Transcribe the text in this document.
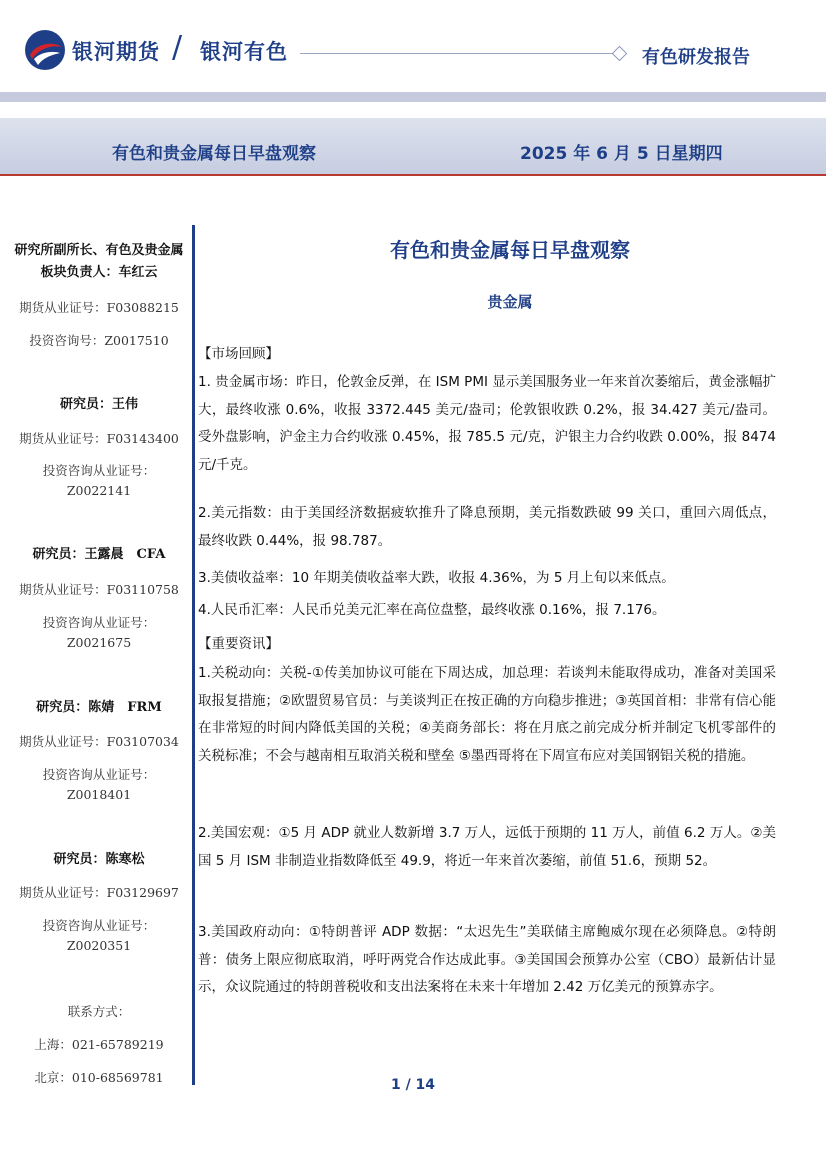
银河期货 / 银河有色	有色研发报告
有色和贵金属每日早盘观察	2025 年 6 月 5 日星期四
研究所副所长、有色及贵金属板块负责人：车红云
期货从业证号：F03088215
投资咨询号：Z0017510
研究员：王伟
期货从业证号：F03143400
投资咨询从业证号：
Z0022141
研究员：王露晨　CFA
期货从业证号：F03110758
投资咨询从业证号：
Z0021675
研究员：陈婧　FRM
期货从业证号：F03107034
投资咨询从业证号：
Z0018401
研究员：陈寒松
期货从业证号：F03129697
投资咨询从业证号：
Z0020351
联系方式：
上海：021-65789219
北京：010-68569781
有色和贵金属每日早盘观察
贵金属
【市场回顾】
1. 贵金属市场：昨日，伦敦金反弹，在 ISM PMI 显示美国服务业一年来首次萎缩后，黄金涨幅扩大，最终收涨 0.6%，收报 3372.445 美元/盎司；伦敦银收跌 0.2%，报 34.427 美元/盎司。受外盘影响，沪金主力合约收涨 0.45%，报 785.5 元/克，沪银主力合约收跌 0.00%，报 8474 元/千克。
2.美元指数：由于美国经济数据疲软推升了降息预期，美元指数跌破 99 关口，重回六周低点，最终收跌 0.44%，报 98.787。
3.美债收益率：10 年期美债收益率大跌，收报 4.36%，为 5 月上旬以来低点。
4.人民币汇率：人民币兑美元汇率在高位盘整，最终收涨 0.16%，报 7.176。
【重要资讯】
1.关税动向：关税-①传美加协议可能在下周达成，加总理：若谈判未能取得成功，准备对美国采取报复措施；②欧盟贸易官员：与美谈判正在按正确的方向稳步推进；③英国首相：非常有信心能在非常短的时间内降低美国的关税；④美商务部长：将在月底之前完成分析并制定飞机零部件的关税标准；不会与越南相互取消关税和壁垒 ⑤墨西哥将在下周宣布应对美国钢铝关税的措施。
2.美国宏观：①5 月 ADP 就业人数新增 3.7 万人，远低于预期的 11 万人，前值 6.2 万人。②美国 5 月 ISM 非制造业指数降低至 49.9，将近一年来首次萎缩，前值 51.6，预期 52。
3.美国政府动向：①特朗普评 ADP 数据：“太迟先生”美联储主席鲍威尔现在必须降息。②特朗普：债务上限应彻底取消，呼吁两党合作达成此事。③美国国会预算办公室（CBO）最新估计显示，众议院通过的特朗普税收和支出法案将在未来十年增加 2.42 万亿美元的预算赤字。
1 / 14
